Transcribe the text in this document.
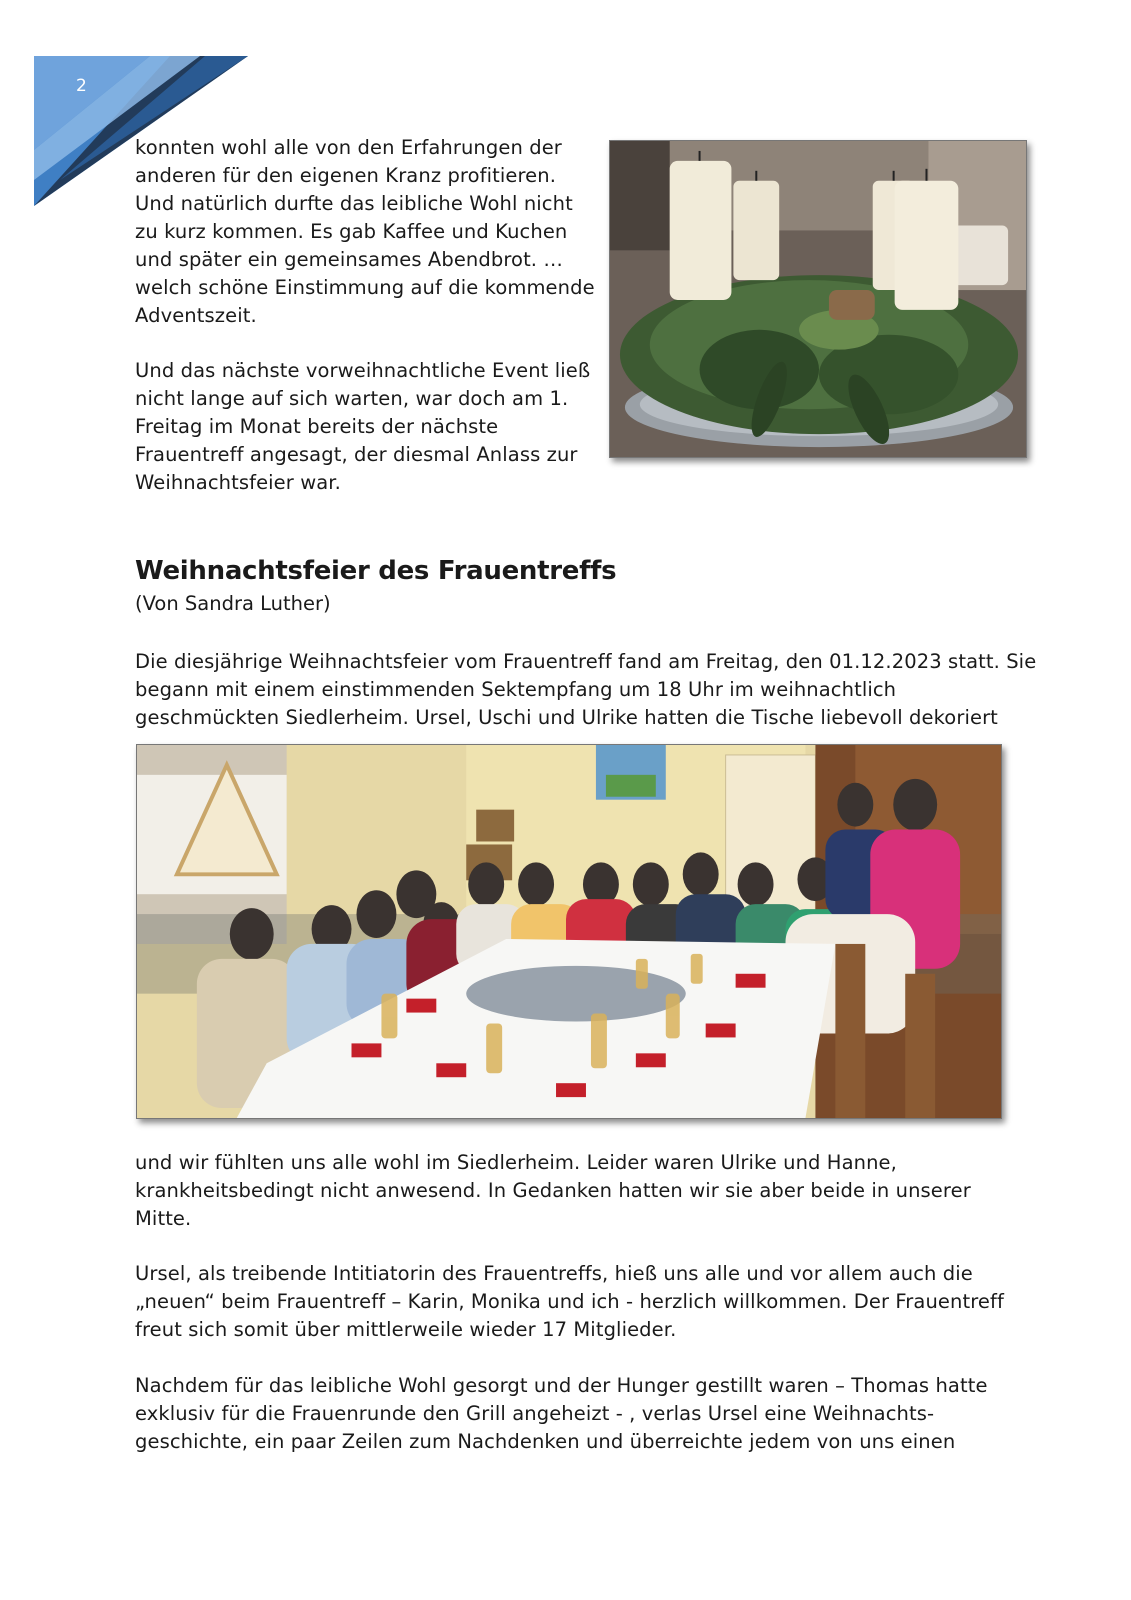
2
konnten wohl alle von den Erfahrungen der
anderen für den eigenen Kranz profitieren.
Und natürlich durfte das leibliche Wohl nicht
zu kurz kommen. Es gab Kaffee und Kuchen
und später ein gemeinsames Abendbrot. …
welch schöne Einstimmung auf die kommende
Adventszeit.
Und das nächste vorweihnachtliche Event ließ
nicht lange auf sich warten, war doch am 1.
Freitag im Monat bereits der nächste
Frauentreff angesagt, der diesmal Anlass zur
Weihnachtsfeier war.
Weihnachtsfeier des Frauentreffs
(Von Sandra Luther)
Die diesjährige Weihnachtsfeier vom Frauentreff fand am Freitag, den 01.12.2023 statt. Sie
begann mit einem einstimmenden Sektempfang um 18 Uhr im weihnachtlich
geschmückten Siedlerheim. Ursel, Uschi und Ulrike hatten die Tische liebevoll dekoriert
und wir fühlten uns alle wohl im Siedlerheim. Leider waren Ulrike und Hanne,
krankheitsbedingt nicht anwesend. In Gedanken hatten wir sie aber beide in unserer
Mitte.
Ursel, als treibende Intitiatorin des Frauentreffs, hieß uns alle und vor allem auch die
„neuen“ beim Frauentreff – Karin, Monika und ich - herzlich willkommen. Der Frauentreff
freut sich somit über mittlerweile wieder 17 Mitglieder.
Nachdem für das leibliche Wohl gesorgt und der Hunger gestillt waren – Thomas hatte
exklusiv für die Frauenrunde den Grill angeheizt - , verlas Ursel eine Weihnachts-
geschichte, ein paar Zeilen zum Nachdenken und überreichte jedem von uns einen
